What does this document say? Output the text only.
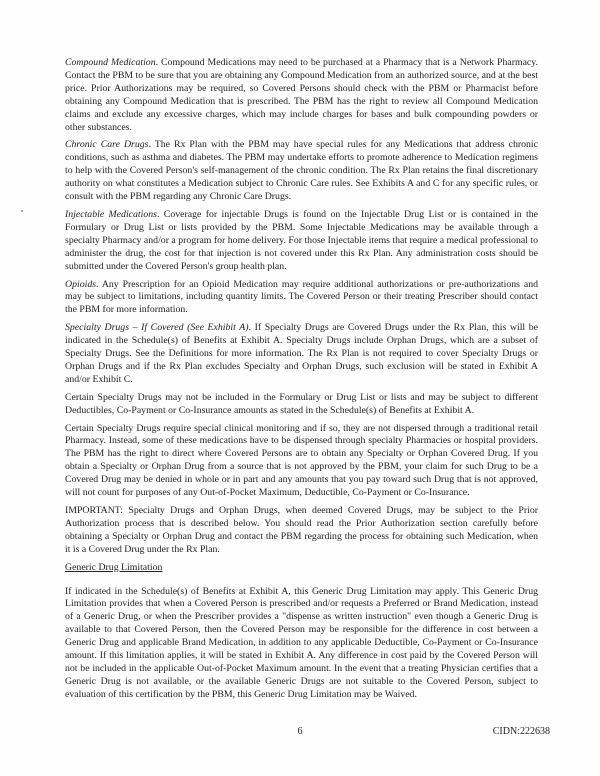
Compound Medication. Compound Medications may need to be purchased at a Pharmacy that is a Network Pharmacy. Contact the PBM to be sure that you are obtaining any Compound Medication from an authorized source, and at the best price. Prior Authorizations may be required, so Covered Persons should check with the PBM or Pharmacist before obtaining any Compound Medication that is prescribed. The PBM has the right to review all Compound Medication claims and exclude any excessive charges, which may include charges for bases and bulk compounding powders or other substances.

Chronic Care Drugs. The Rx Plan with the PBM may have special rules for any Medications that address chronic conditions, such as asthma and diabetes. The PBM may undertake efforts to promote adherence to Medication regimens to help with the Covered Person's self-management of the chronic condition. The Rx Plan retains the final discretionary authority on what constitutes a Medication subject to Chronic Care rules. See Exhibits A and C for any specific rules, or consult with the PBM regarding any Chronic Care Drugs.

Injectable Medications. Coverage for injectable Drugs is found on the Injectable Drug List or is contained in the Formulary or Drug List or lists provided by the PBM. Some Injectable Medications may be available through a specialty Pharmacy and/or a program for home delivery. For those Injectable items that require a medical professional to administer the drug, the cost for that injection is not covered under this Rx Plan. Any administration costs should be submitted under the Covered Person's group health plan.

Opioids. Any Prescription for an Opioid Medication may require additional authorizations or pre-authorizations and may be subject to limitations, including quantity limits. The Covered Person or their treating Prescriber should contact the PBM for more information.

Specialty Drugs – If Covered (See Exhibit A). If Specialty Drugs are Covered Drugs under the Rx Plan, this will be indicated in the Schedule(s) of Benefits at Exhibit A. Specialty Drugs include Orphan Drugs, which are a subset of Specialty Drugs. See the Definitions for more information. The Rx Plan is not required to cover Specialty Drugs or Orphan Drugs and if the Rx Plan excludes Specialty and Orphan Drugs, such exclusion will be stated in Exhibit A and/or Exhibit C.

Certain Specialty Drugs may not be included in the Formulary or Drug List or lists and may be subject to different Deductibles, Co-Payment or Co-Insurance amounts as stated in the Schedule(s) of Benefits at Exhibit A.

Certain Specialty Drugs require special clinical monitoring and if so, they are not dispersed through a traditional retail Pharmacy. Instead, some of these medications have to be dispensed through specialty Pharmacies or hospital providers. The PBM has the right to direct where Covered Persons are to obtain any Specialty or Orphan Covered Drug. If you obtain a Specialty or Orphan Drug from a source that is not approved by the PBM, your claim for such Drug to be a Covered Drug may be denied in whole or in part and any amounts that you pay toward such Drug that is not approved, will not count for purposes of any Out-of-Pocket Maximum, Deductible, Co-Payment or Co-Insurance.

IMPORTANT: Specialty Drugs and Orphan Drugs, when deemed Covered Drugs, may be subject to the Prior Authorization process that is described below. You should read the Prior Authorization section carefully before obtaining a Specialty or Orphan Drug and contact the PBM regarding the process for obtaining such Medication, when it is a Covered Drug under the Rx Plan.

Generic Drug Limitation

If indicated in the Schedule(s) of Benefits at Exhibit A, this Generic Drug Limitation may apply. This Generic Drug Limitation provides that when a Covered Person is prescribed and/or requests a Preferred or Brand Medication, instead of a Generic Drug, or when the Prescriber provides a "dispense as written instruction" even though a Generic Drug is available to that Covered Person, then the Covered Person may be responsible for the difference in cost between a Generic Drug and applicable Brand Medication, in addition to any applicable Deductible, Co-Payment or Co-Insurance amount. If this limitation applies, it will be stated in Exhibit A. Any difference in cost paid by the Covered Person will not be included in the applicable Out-of-Pocket Maximum amount. In the event that a treating Physician certifies that a Generic Drug is not available, or the available Generic Drugs are not suitable to the Covered Person, subject to evaluation of this certification by the PBM, this Generic Drug Limitation may be Waived.

6	CIDN:222638
